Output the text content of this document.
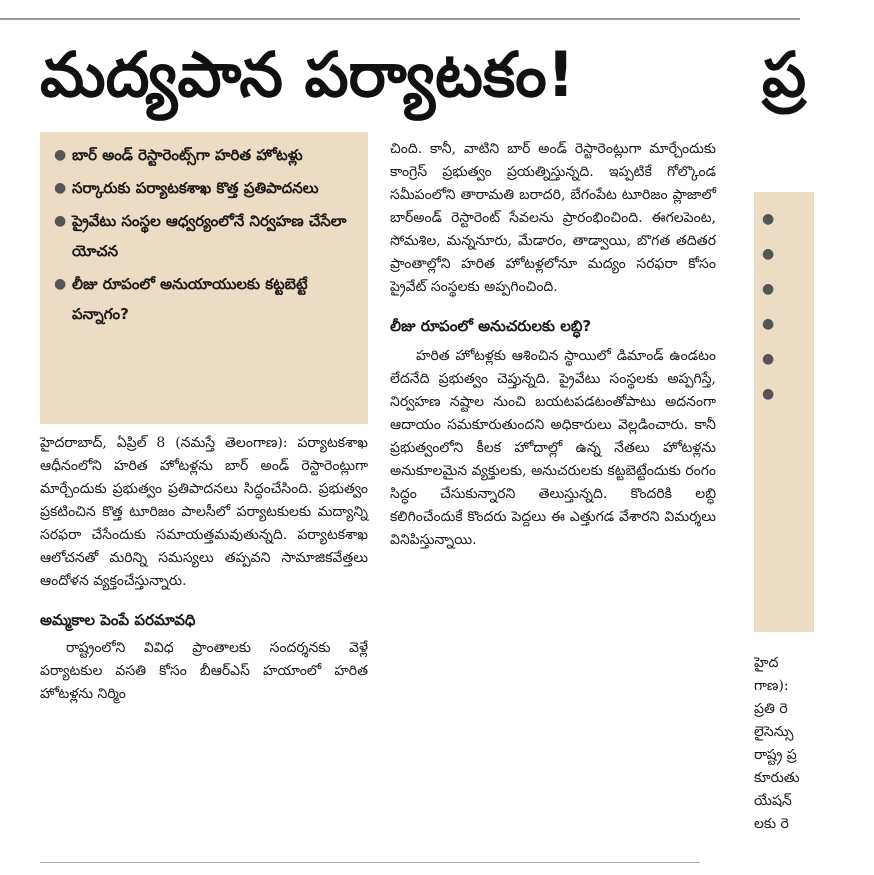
మద్యపాన పర్యాటకం!	ప్ర
● బార్ అండ్ రెస్టారెంట్స్‌గా హరిత హోటళ్లు
● సర్కారుకు పర్యాటకశాఖ కొత్త ప్రతిపాదనలు
● ప్రైవేటు సంస్థల ఆధ్వర్యంలోనే నిర్వహణ చేసేలా యోచన
● లీజు రూపంలో అనుయాయులకు కట్టబెట్టే పన్నాగం?

హైదరాబాద్, ఏప్రిల్ 8 (నమస్తే తెలంగాణ): పర్యాటకశాఖ ఆధీనంలోని హరిత హోటళ్లను బార్ అండ్ రెస్టారెంట్లుగా మార్చేందుకు ప్రభుత్వం ప్రతిపాదనలు సిద్ధంచేసింది. ప్రభుత్వం ప్రకటించిన కొత్త టూరిజం పాలసీలో పర్యాటకులకు మద్యాన్ని సరఫరా చేసేందుకు సమాయత్తమవుతున్నది. పర్యాటకశాఖ ఆలోచనతో మరిన్ని సమస్యలు తప్పవని సామాజికవేత్తలు ఆందోళన వ్యక్తంచేస్తున్నారు.

అమ్మకాల పెంపే పరమావధి

రాష్ట్రంలోని వివిధ ప్రాంతాలకు సందర్శనకు వెళ్లే పర్యాటకుల వసతి కోసం బీఆర్ఎస్ హయాంలో హరిత హోటళ్లను నిర్మిం

చింది. కానీ, వాటిని బార్ అండ్ రెస్టారెంట్లుగా మార్చేందుకు కాంగ్రెస్ ప్రభుత్వం ప్రయత్నిస్తున్నది. ఇప్పటికే గోల్కొండ సమీపంలోని తారామతి బరాదరి, బేగంపేట టూరిజం ప్లాజాలో బార్అండ్ రెస్టారెంట్ సేవలను ప్రారంభించింది. ఈగలపెంట, సోమశిల, మన్ననూరు, మేడారం, తాడ్వాయి, బొగత తదితర ప్రాంతాల్లోని హరిత హోటళ్లలోనూ మద్యం సరఫరా కోసం ప్రైవేట్ సంస్థలకు అప్పగించింది.

లీజు రూపంలో అనుచరులకు లబ్ధి?

హరిత హోటళ్లకు ఆశించిన స్థాయిలో డిమాండ్ ఉండటం లేదనేది ప్రభుత్వం చెప్తున్నది. ప్రైవేటు సంస్థలకు అప్పగిస్తే, నిర్వహణ నష్టాల నుంచి బయటపడటంతోపాటు అదనంగా ఆదాయం సమకూరుతుందని అధికారులు వెల్లడించారు. కానీ ప్రభుత్వంలోని కీలక హోదాల్లో ఉన్న నేతలు హోటళ్లను అనుకూలమైన వ్యక్తులకు, అనుచరులకు కట్టబెట్టేందుకు రంగం సిద్ధం చేసుకున్నారని తెలుస్తున్నది. కొందరికి లబ్ధి కలిగించేందుకే కొందరు పెద్దలు ఈ ఎత్తుగడ వేశారని విమర్శలు వినిపిస్తున్నాయి.

●
●
●
●
●
●
హైద
గాణ):
ప్రతి రె
లైసెన్సు
రాష్ట్ర ప్ర
కూరుతు
యేషన్
లకు రె
